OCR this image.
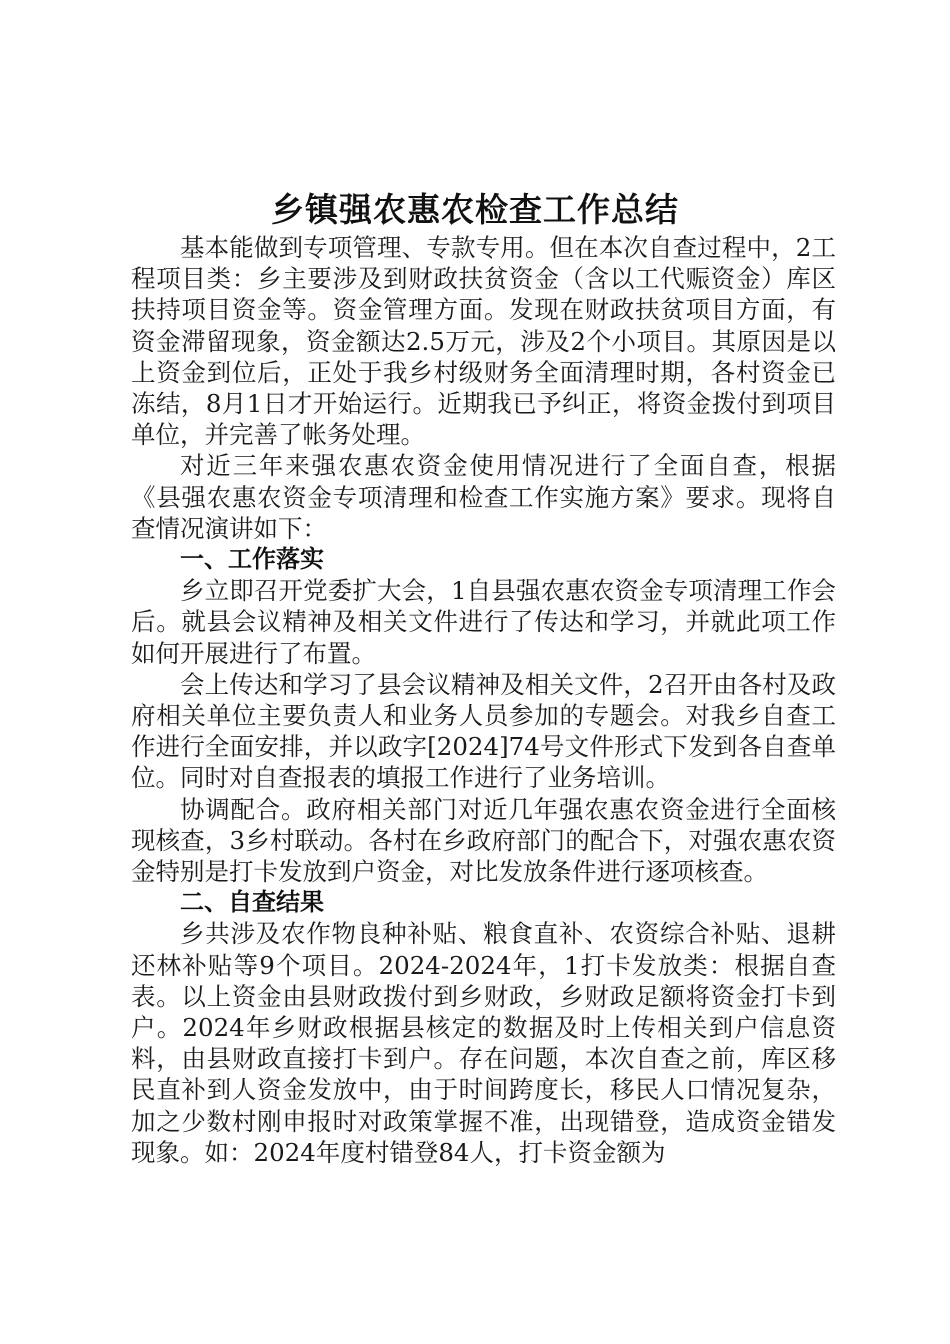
乡镇强农惠农检查工作总结

基本能做到专项管理、专款专用。但在本次自查过程中，2工程项目类：乡主要涉及到财政扶贫资金（含以工代赈资金）库区扶持项目资金等。资金管理方面。发现在财政扶贫项目方面，有资金滞留现象，资金额达2.5万元，涉及2个小项目。其原因是以上资金到位后，正处于我乡村级财务全面清理时期，各村资金已冻结，8月1日才开始运行。近期我已予纠正，将资金拨付到项目单位，并完善了帐务处理。

对近三年来强农惠农资金使用情况进行了全面自查，根据《县强农惠农资金专项清理和检查工作实施方案》要求。现将自查情况演讲如下：

一、工作落实

乡立即召开党委扩大会，1自县强农惠农资金专项清理工作会后。就县会议精神及相关文件进行了传达和学习，并就此项工作如何开展进行了布置。

会上传达和学习了县会议精神及相关文件，2召开由各村及政府相关单位主要负责人和业务人员参加的专题会。对我乡自查工作进行全面安排，并以政字[2024]74号文件形式下发到各自查单位。同时对自查报表的填报工作进行了业务培训。

协调配合。政府相关部门对近几年强农惠农资金进行全面核现核查，3乡村联动。各村在乡政府部门的配合下，对强农惠农资金特别是打卡发放到户资金，对比发放条件进行逐项核查。

二、自查结果

乡共涉及农作物良种补贴、粮食直补、农资综合补贴、退耕还林补贴等9个项目。2024-2024年，1打卡发放类：根据自查表。以上资金由县财政拨付到乡财政，乡财政足额将资金打卡到户。2024年乡财政根据县核定的数据及时上传相关到户信息资料，由县财政直接打卡到户。存在问题，本次自查之前，库区移民直补到人资金发放中，由于时间跨度长，移民人口情况复杂，加之少数村刚申报时对政策掌握不准，出现错登，造成资金错发现象。如：2024年度村错登84人，打卡资金额为
